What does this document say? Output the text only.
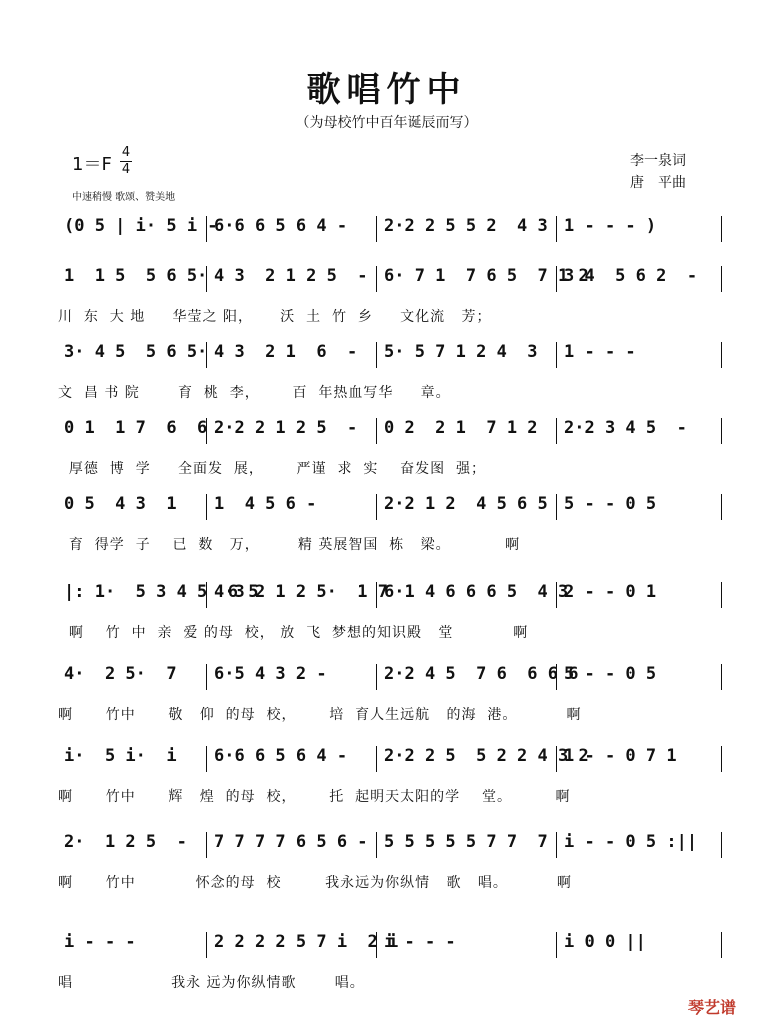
歌唱竹中
（为母校竹中百年诞辰而写）
1＝F
4
4
中速稍慢 歌颂、赞美地
李一泉词
唐　平曲
(0 5 | i· 5 i -
6·6 6 5 6 4 - 2·2 2 5 5 2  4 3 1 - - - )
1  1 5  5 6 5· 4 3  2 1 2 5  - 6· 7 1  7 6 5  7 1 2
3 4  5 6 2  -
川  东  大 地     华莹之 阳，     沃  土  竹  乡     文化流   芳；
3· 4 5  5 6 5· 4 3  2 1  6  - 5· 5 7 1 2 4  3 1 - - -
文  昌 书 院       育  桃  李，      百  年热血写华     章。
0 1  1 7  6  6 2·2 2 1 2 5  - 0 2  2 1  7 1 2 2·2 3 4 5  -
厚德  博  学     全面发  展，      严谨  求  实    奋发图  强；
0 5  4 3  1 1  4 5 6 -	2·2 1 2  4 5 6 5 5 - - 0 5
育  得学  子    已  数   万，       精 英展智国  栋   梁。          啊
|: 1·  5 3 4 5  6 5
4·3 2 1 2 5·  1 7
6·1 4 6 6 6 5  4 3
2 - - 0 1
啊    竹  中  亲  爱 的母  校， 放  飞  梦想的知识殿   堂           啊
4·  2 5·  7 6·5 4 3 2 -	2·2 4 5  7 6  6 6 6
5 - - 0 5
啊      竹中      敬   仰  的母  校，      培  育人生远航   的海  港。         啊
i·  5 i·  i 6·6 6 5 6 4 - 2·2 2 5  5 2 2 4 3 2
1 - - 0 7 1
啊      竹中      辉   煌  的母  校，      托  起明天太阳的学    堂。        啊
2·  1 2 5  - 7 7 7 7 6 5 6 - 5 5 5 5 5 7 7  7 i - - 0 5 :||
啊      竹中           怀念的母  校        我永远为你纵情   歌   唱。         啊
i - - -	2 2 2 2 5 7 i  2 i
i - - -	i 0 0 ||
唱                  我永 远为你纵情歌       唱。
琴艺谱
